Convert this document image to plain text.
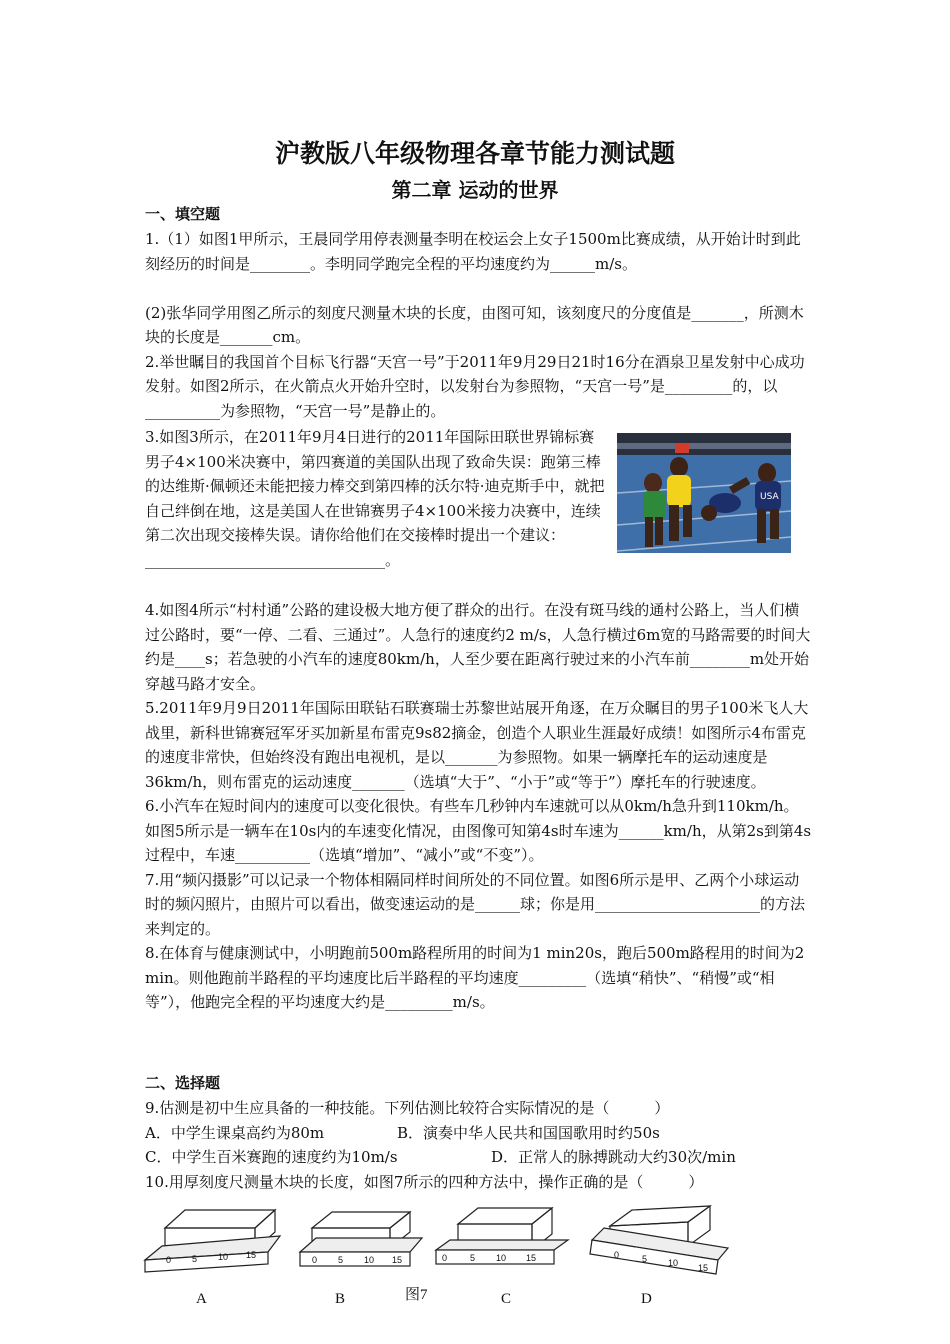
沪教版八年级物理各章节能力测试题
第二章 运动的世界
一、填空题

1.（1）如图1甲所示，王晨同学用停表测量李明在校运会上女子1500m比赛成绩，从开始计时到此刻经历的时间是________。李明同学跑完全程的平均速度约为______m/s。

(2)张华同学用图乙所示的刻度尺测量木块的长度，由图可知，该刻度尺的分度值是_______，所测木块的长度是_______cm。

2.举世瞩目的我国首个目标飞行器“天宫一号”于2011年9月29日21时16分在酒泉卫星发射中心成功发射。如图2所示，在火箭点火开始升空时，以发射台为参照物，“天宫一号”是_________的，以__________为参照物，“天宫一号”是静止的。

3.如图3所示，在2011年9月4日进行的2011年国际田联世界锦标赛男子4×100米决赛中，第四赛道的美国队出现了致命失误：跑第三棒的达维斯·佩顿还未能把接力棒交到第四棒的沃尔特·迪克斯手中，就把自己绊倒在地，这是美国人在世锦赛男子4×100米接力决赛中，连续第二次出现交接棒失误。请你给他们在交接棒时提出一个建议：

________________________________。

USA

4.如图4所示“村村通”公路的建设极大地方便了群众的出行。在没有斑马线的通村公路上，当人们横过公路时，要“一停、二看、三通过”。人急行的速度约2 m/s，人急行横过6m宽的马路需要的时间大约是____s；若急驶的小汽车的速度80km/h，人至少要在距离行驶过来的小汽车前________m处开始穿越马路才安全。

5.2011年9月9日2011年国际田联钻石联赛瑞士苏黎世站展开角逐，在万众瞩目的男子100米飞人大战里，新科世锦赛冠军牙买加新星布雷克9s82摘金，创造个人职业生涯最好成绩！如图所示4布雷克的速度非常快，但始终没有跑出电视机，是以_______为参照物。如果一辆摩托车的运动速度是36km/h，则布雷克的运动速度_______（选填“大于”、“小于”或“等于”）摩托车的行驶速度。

6.小汽车在短时间内的速度可以变化很快。有些车几秒钟内车速就可以从0km/h急升到110km/h。如图5所示是一辆车在10s内的车速变化情况，由图像可知第4s时车速为______km/h，从第2s到第4s过程中，车速__________（选填“增加”、“减小”或“不变”）。

7.用“频闪摄影”可以记录一个物体相隔同样时间所处的不同位置。如图6所示是甲、乙两个小球运动时的频闪照片，由照片可以看出，做变速运动的是______球；你是用______________________的方法来判定的。

8.在体育与健康测试中，小明跑前500m路程所用的时间为1 min20s，跑后500m路程用的时间为2 min。则他跑前半路程的平均速度比后半路程的平均速度_________（选填“稍快”、“稍慢”或“相等”），他跑完全程的平均速度大约是_________m/s。

二、选择题

9.估测是初中生应具备的一种技能。下列估测比较符合实际情况的是（　　　）

A．中学生课桌高约为80m	B．演奏中华人民共和国国歌用时约50s

C．中学生百米赛跑的速度约为10m/s	D．正常人的脉搏跳动大约30次/min

10.用厚刻度尺测量木块的长度，如图7所示的四种方法中，操作正确的是（　　　）

0 5 10 15	0 5 10 15	0	5 10 15	0	5 10 15
图7
A	B	C	D
